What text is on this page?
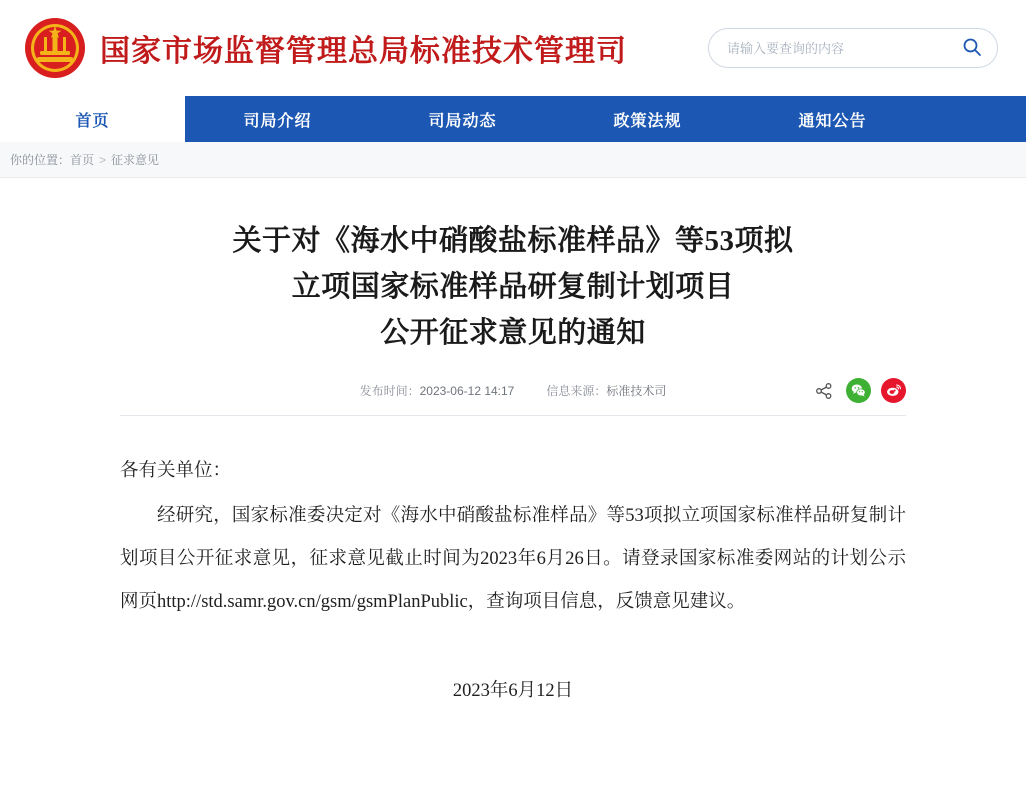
国家市场监督管理总局标准技术管理司
请输入要查询的内容
首页	司局介绍	司局动态	政策法规	通知公告
你的位置：首页 > 征求意见
关于对《海水中硝酸盐标准样品》等53项拟
立项国家标准样品研复制计划项目
公开征求意见的通知
发布时间：2023-06-12 14:17	信息来源：标准技术司

各有关单位：

经研究，国家标准委决定对《海水中硝酸盐标准样品》等53项拟立项国家标准样品研复制计划项目公开征求意见，征求意见截止时间为2023年6月26日。请登录国家标准委网站的计划公示网页http://std.samr.gov.cn/gsm/gsmPlanPublic，查询项目信息，反馈意见建议。

2023年6月12日
